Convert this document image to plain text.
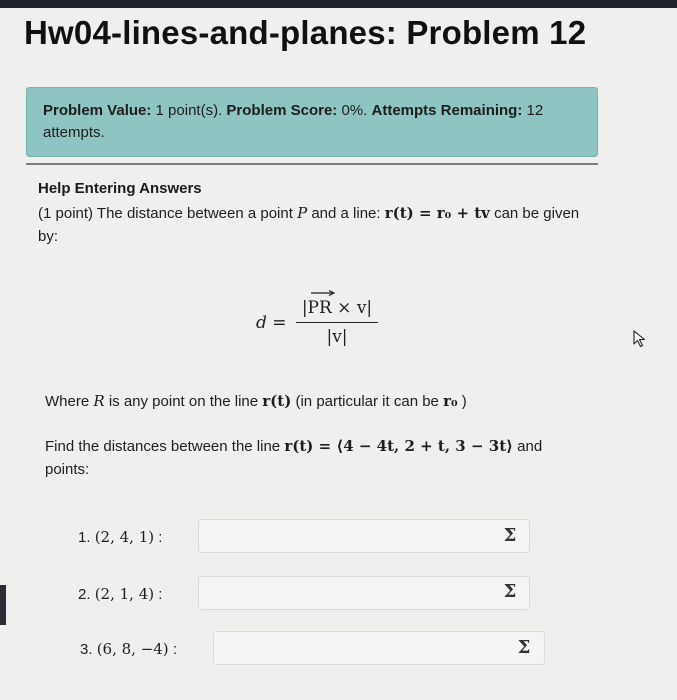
Hw04-lines-and-planes: Problem 12
Problem Value: 1 point(s). Problem Score: 0%. Attempts Remaining: 12 attempts.
Help Entering Answers
(1 point) The distance between a point P and a line: r(t) = r₀ + tv can be given by:
d =
|PR × v|
|v|
Where R is any point on the line r(t) (in particular it can be r₀ )
Find the distances between the line r(t) = ⟨4 − 4t, 2 + t, 3 − 3t⟩ and points:
1. (2, 4, 1) :	Σ
2. (2, 1, 4) :	Σ
3. (6, 8, −4) :	Σ
